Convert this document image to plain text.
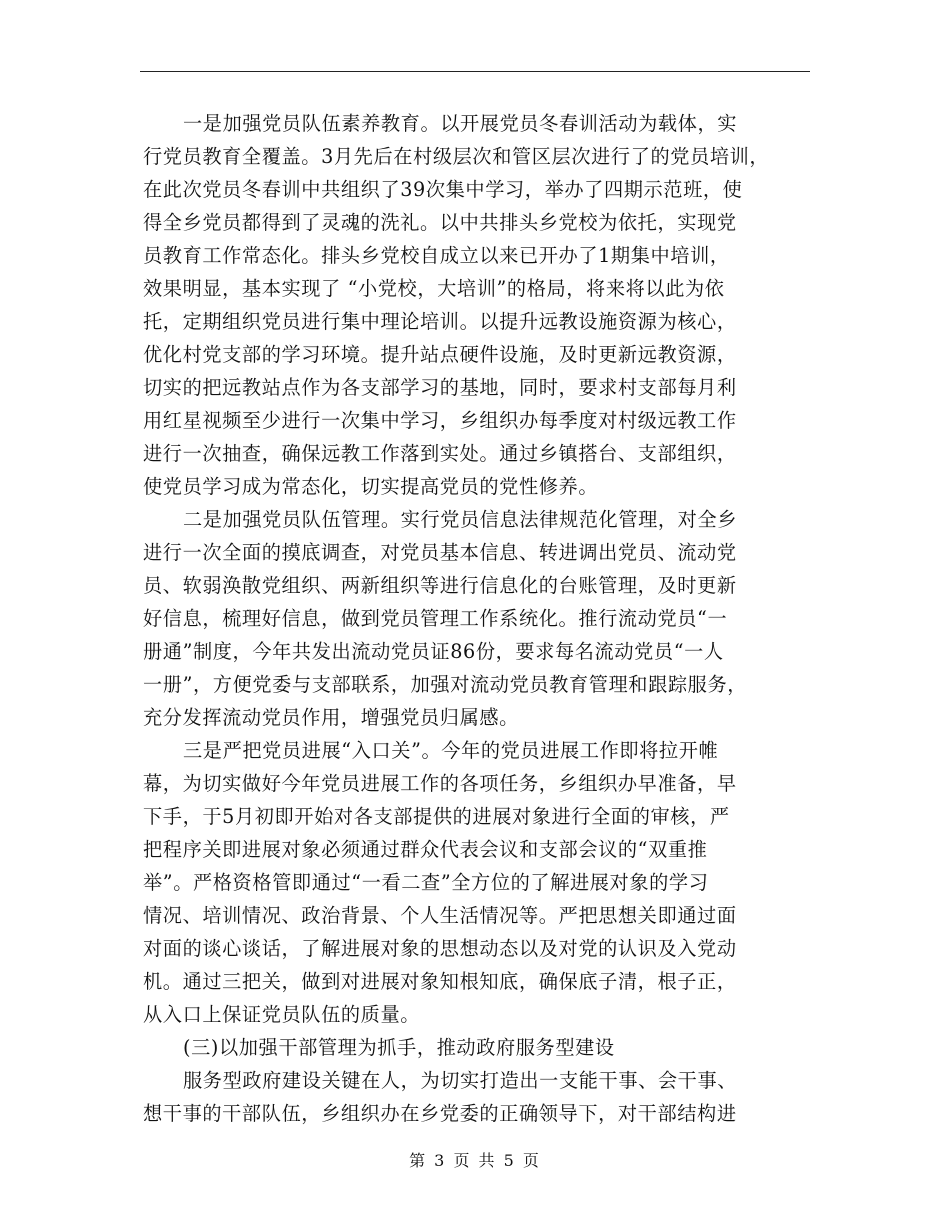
一是加强党员队伍素养教育。以开展党员冬春训活动为载体，实
行党员教育全覆盖。3月先后在村级层次和管区层次进行了的党员培训，
在此次党员冬春训中共组织了39次集中学习，举办了四期示范班，使
得全乡党员都得到了灵魂的洗礼。以中共排头乡党校为依托，实现党
员教育工作常态化。排头乡党校自成立以来已开办了1期集中培训，
效果明显，基本实现了 “小党校，大培训”的格局，将来将以此为依
托，定期组织党员进行集中理论培训。以提升远教设施资源为核心，
优化村党支部的学习环境。提升站点硬件设施，及时更新远教资源，
切实的把远教站点作为各支部学习的基地，同时，要求村支部每月利
用红星视频至少进行一次集中学习，乡组织办每季度对村级远教工作
进行一次抽查，确保远教工作落到实处。通过乡镇搭台、支部组织，
使党员学习成为常态化，切实提高党员的党性修养。
二是加强党员队伍管理。实行党员信息法律规范化管理，对全乡
进行一次全面的摸底调查，对党员基本信息、转进调出党员、流动党
员、软弱涣散党组织、两新组织等进行信息化的台账管理，及时更新
好信息，梳理好信息，做到党员管理工作系统化。推行流动党员“一
册通”制度，今年共发出流动党员证86份，要求每名流动党员“一人
一册”，方便党委与支部联系，加强对流动党员教育管理和跟踪服务，
充分发挥流动党员作用，增强党员归属感。
三是严把党员进展“入口关”。今年的党员进展工作即将拉开帷
幕，为切实做好今年党员进展工作的各项任务，乡组织办早准备，早
下手，于5月初即开始对各支部提供的进展对象进行全面的审核，严
把程序关即进展对象必须通过群众代表会议和支部会议的“双重推
举”。严格资格管即通过“一看二查”全方位的了解进展对象的学习
情况、培训情况、政治背景、个人生活情况等。严把思想关即通过面
对面的谈心谈话，了解进展对象的思想动态以及对党的认识及入党动
机。通过三把关，做到对进展对象知根知底，确保底子清，根子正，
从入口上保证党员队伍的质量。
(三)以加强干部管理为抓手，推动政府服务型建设
服务型政府建设关键在人，为切实打造出一支能干事、会干事、
想干事的干部队伍，乡组织办在乡党委的正确领导下，对干部结构进
第 3 页 共 5 页
